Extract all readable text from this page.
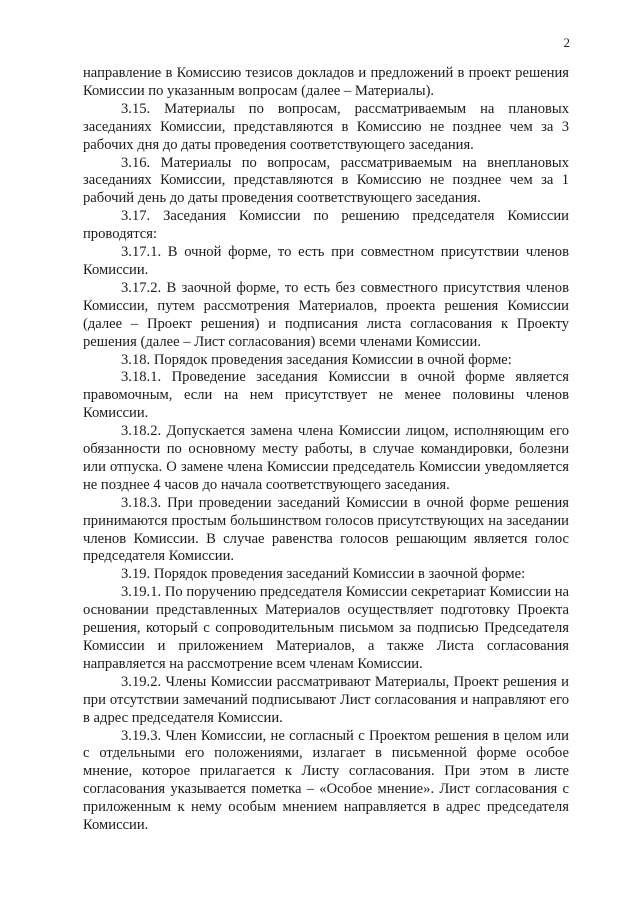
2

направление в Комиссию тезисов докладов и предложений в проект решения Комиссии по указанным вопросам (далее – Материалы).

3.15. Материалы по вопросам, рассматриваемым на плановых заседаниях Комиссии, представляются в Комиссию не позднее чем за 3 рабочих дня до даты проведения соответствующего заседания.

3.16. Материалы по вопросам, рассматриваемым на внеплановых заседаниях Комиссии, представляются в Комиссию не позднее чем за 1 рабочий день до даты проведения соответствующего заседания.

3.17. Заседания Комиссии по решению председателя Комиссии проводятся:

3.17.1. В очной форме, то есть при совместном присутствии членов Комиссии.

3.17.2. В заочной форме, то есть без совместного присутствия членов Комиссии, путем рассмотрения Материалов, проекта решения Комиссии (далее – Проект решения) и подписания листа согласования к Проекту решения (далее – Лист согласования) всеми членами Комиссии.

3.18. Порядок проведения заседания Комиссии в очной форме:

3.18.1. Проведение заседания Комиссии в очной форме является правомочным, если на нем присутствует не менее половины членов Комиссии.

3.18.2. Допускается замена члена Комиссии лицом, исполняющим его обязанности по основному месту работы, в случае командировки, болезни или отпуска. О замене члена Комиссии председатель Комиссии уведомляется не позднее 4 часов до начала соответствующего заседания.

3.18.3. При проведении заседаний Комиссии в очной форме решения принимаются простым большинством голосов присутствующих на заседании членов Комиссии. В случае равенства голосов решающим является голос председателя Комиссии.

3.19. Порядок проведения заседаний Комиссии в заочной форме:

3.19.1. По поручению председателя Комиссии секретариат Комиссии на основании представленных Материалов осуществляет подготовку Проекта решения, который с сопроводительным письмом за подписью Председателя Комиссии и приложением Материалов, а также Листа согласования направляется на рассмотрение всем членам Комиссии.

3.19.2. Члены Комиссии рассматривают Материалы, Проект решения и при отсутствии замечаний подписывают Лист согласования и направляют его в адрес председателя Комиссии.

3.19.3. Член Комиссии, не согласный с Проектом решения в целом или с отдельными его положениями, излагает в письменной форме особое мнение, которое прилагается к Листу согласования. При этом в листе согласования указывается пометка – «Особое мнение». Лист согласования с приложенным к нему особым мнением направляется в адрес председателя Комиссии.
